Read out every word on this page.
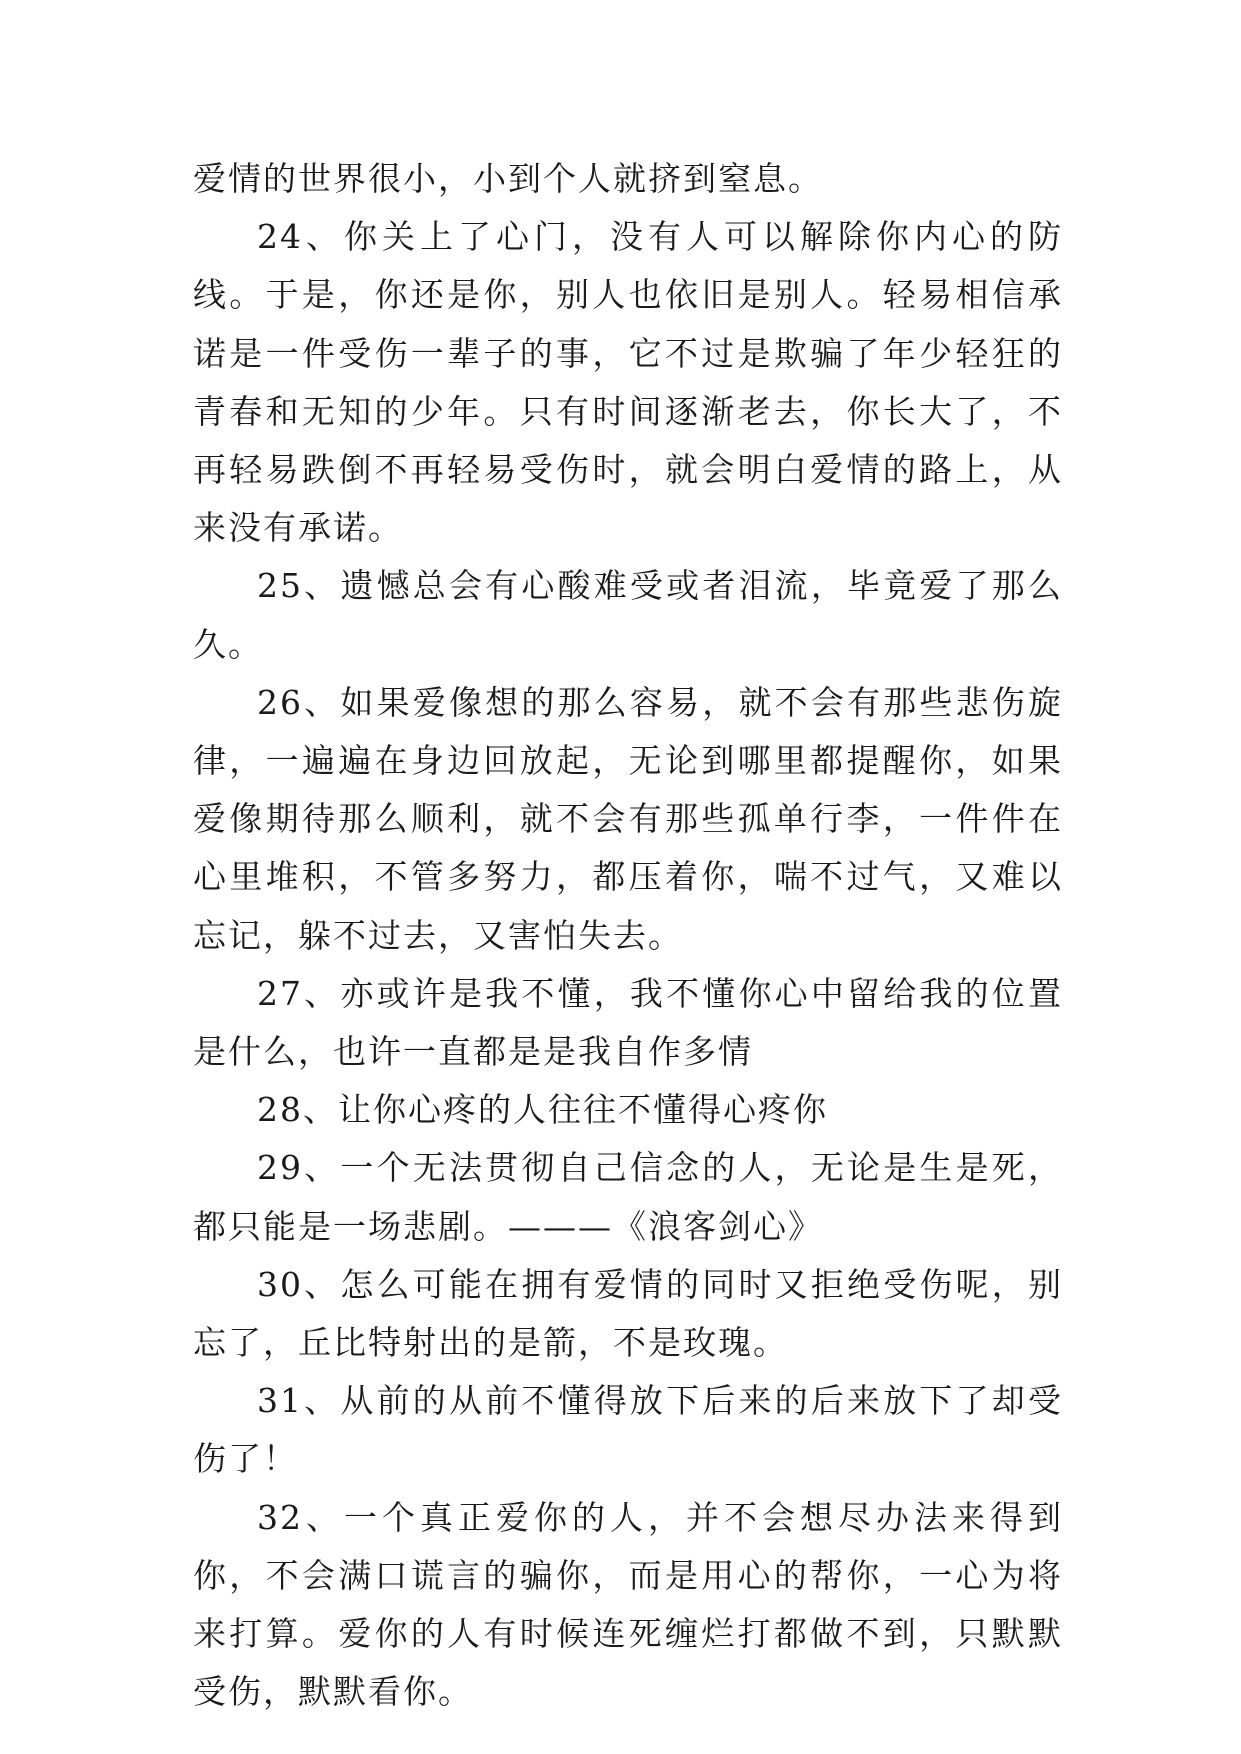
爱情的世界很小，小到个人就挤到窒息。

24、你关上了心门，没有人可以解除你内心的防线。于是，你还是你，别人也依旧是别人。轻易相信承诺是一件受伤一辈子的事，它不过是欺骗了年少轻狂的青春和无知的少年。只有时间逐渐老去，你长大了，不再轻易跌倒不再轻易受伤时，就会明白爱情的路上，从来没有承诺。

25、遗憾总会有心酸难受或者泪流，毕竟爱了那么久。

26、如果爱像想的那么容易，就不会有那些悲伤旋律，一遍遍在身边回放起，无论到哪里都提醒你，如果爱像期待那么顺利，就不会有那些孤单行李，一件件在心里堆积，不管多努力，都压着你，喘不过气，又难以忘记，躲不过去，又害怕失去。

27、亦或许是我不懂，我不懂你心中留给我的位置是什么，也许一直都是是我自作多情

28、让你心疼的人往往不懂得心疼你

29、一个无法贯彻自己信念的人，无论是生是死，都只能是一场悲剧。———《浪客剑心》

30、怎么可能在拥有爱情的同时又拒绝受伤呢，别忘了，丘比特射出的是箭，不是玫瑰。

31、从前的从前不懂得放下后来的后来放下了却受伤了！

32、一个真正爱你的人，并不会想尽办法来得到你，不会满口谎言的骗你，而是用心的帮你，一心为将来打算。爱你的人有时候连死缠烂打都做不到，只默默受伤，默默看你。
